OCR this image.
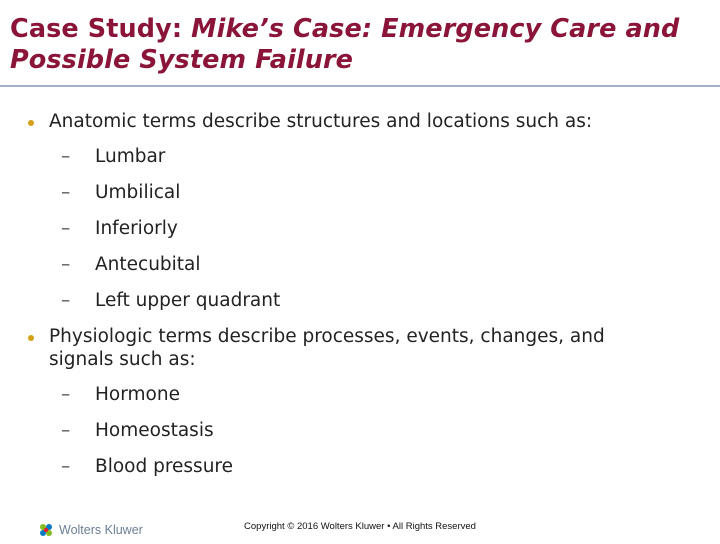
Case Study: Mike’s Case: Emergency Care and Possible System Failure
Anatomic terms describe structures and locations such as:
– Lumbar
– Umbilical
– Inferiorly
– Antecubital
– Left upper quadrant
Physiologic terms describe processes, events, changes, and
signals such as:
– Hormone
– Homeostasis
– Blood pressure
Wolters Kluwer	Copyright © 2016 Wolters Kluwer • All Rights Reserved
